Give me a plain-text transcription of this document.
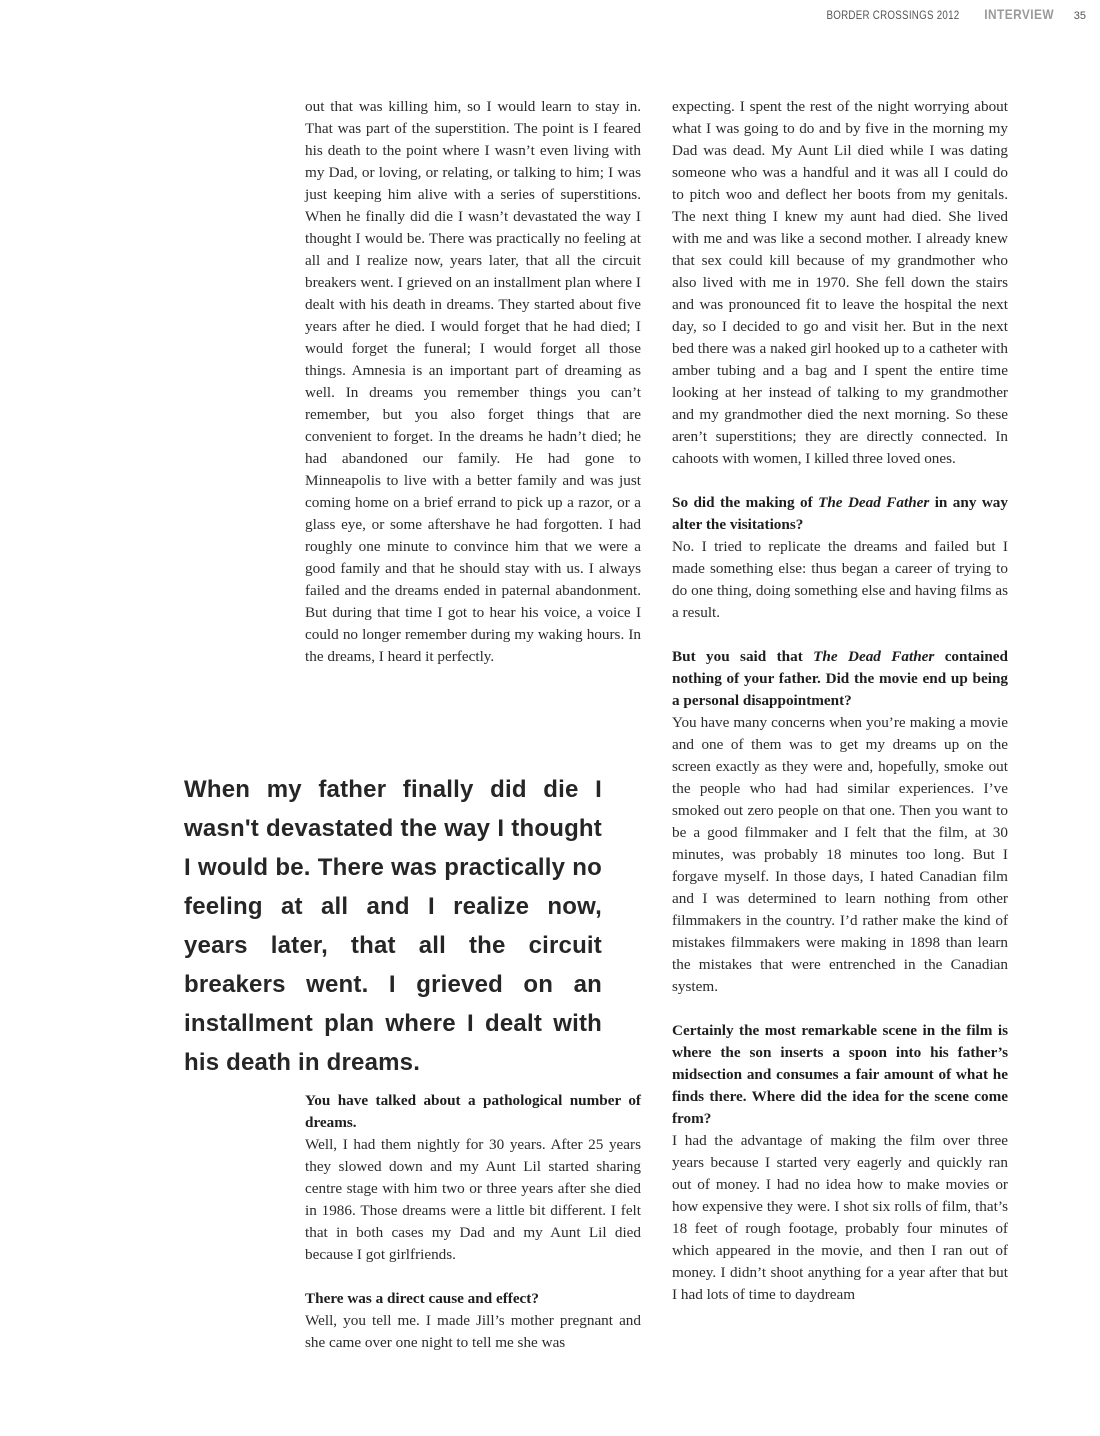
BORDER CROSSINGS 2012 INTERVIEW 35

out that was killing him, so I would learn to stay in. That was part of the superstition. The point is I feared his death to the point where I wasn’t even living with my Dad, or loving, or relating, or talking to him; I was just keeping him alive with a series of superstitions. When he finally did die I wasn’t devastated the way I thought I would be. There was practically no feeling at all and I realize now, years later, that all the circuit breakers went. I grieved on an installment plan where I dealt with his death in dreams. They started about five years after he died. I would forget that he had died; I would forget the funeral; I would forget all those things. Amnesia is an important part of dreaming as well. In dreams you remember things you can’t remember, but you also forget things that are convenient to forget. In the dreams he hadn’t died; he had abandoned our family. He had gone to Minneapolis to live with a better family and was just coming home on a brief errand to pick up a razor, or a glass eye, or some aftershave he had forgotten. I had roughly one minute to convince him that we were a good family and that he should stay with us. I always failed and the dreams ended in paternal abandonment. But during that time I got to hear his voice, a voice I could no longer remember during my waking hours. In the dreams, I heard it perfectly.

When my father finally did die I wasn't devastated the way I thought I would be. There was practically no feeling at all and I realize now, years later, that all the circuit breakers went. I grieved on an installment plan where I dealt with his death in dreams.

You have talked about a pathological number of dreams.

Well, I had them nightly for 30 years. After 25 years they slowed down and my Aunt Lil started sharing centre stage with him two or three years after she died in 1986. Those dreams were a little bit different. I felt that in both cases my Dad and my Aunt Lil died because I got girlfriends.

There was a direct cause and effect?

Well, you tell me. I made Jill’s mother pregnant and she came over one night to tell me she was

expecting. I spent the rest of the night worrying about what I was going to do and by five in the morning my Dad was dead. My Aunt Lil died while I was dating someone who was a handful and it was all I could do to pitch woo and deflect her boots from my genitals. The next thing I knew my aunt had died. She lived with me and was like a second mother. I already knew that sex could kill because of my grandmother who also lived with me in 1970. She fell down the stairs and was pronounced fit to leave the hospital the next day, so I decided to go and visit her. But in the next bed there was a naked girl hooked up to a catheter with amber tubing and a bag and I spent the entire time looking at her instead of talking to my grandmother and my grandmother died the next morning. So these aren’t superstitions; they are directly connected. In cahoots with women, I killed three loved ones.

So did the making of The Dead Father in any way alter the visitations?

No. I tried to replicate the dreams and failed but I made something else: thus began a career of trying to do one thing, doing something else and having films as a result.

But you said that The Dead Father contained nothing of your father. Did the movie end up being a personal disappointment?

You have many concerns when you’re making a movie and one of them was to get my dreams up on the screen exactly as they were and, hopefully, smoke out the people who had had similar experiences. I’ve smoked out zero people on that one. Then you want to be a good filmmaker and I felt that the film, at 30 minutes, was probably 18 minutes too long. But I forgave myself. In those days, I hated Canadian film and I was determined to learn nothing from other filmmakers in the country. I’d rather make the kind of mistakes filmmakers were making in 1898 than learn the mistakes that were entrenched in the Canadian system.

Certainly the most remarkable scene in the film is where the son inserts a spoon into his father’s midsection and consumes a fair amount of what he finds there. Where did the idea for the scene come from?

I had the advantage of making the film over three years because I started very eagerly and quickly ran out of money. I had no idea how to make movies or how expensive they were. I shot six rolls of film, that’s 18 feet of rough footage, probably four minutes of which appeared in the movie, and then I ran out of money. I didn’t shoot anything for a year after that but I had lots of time to daydream
